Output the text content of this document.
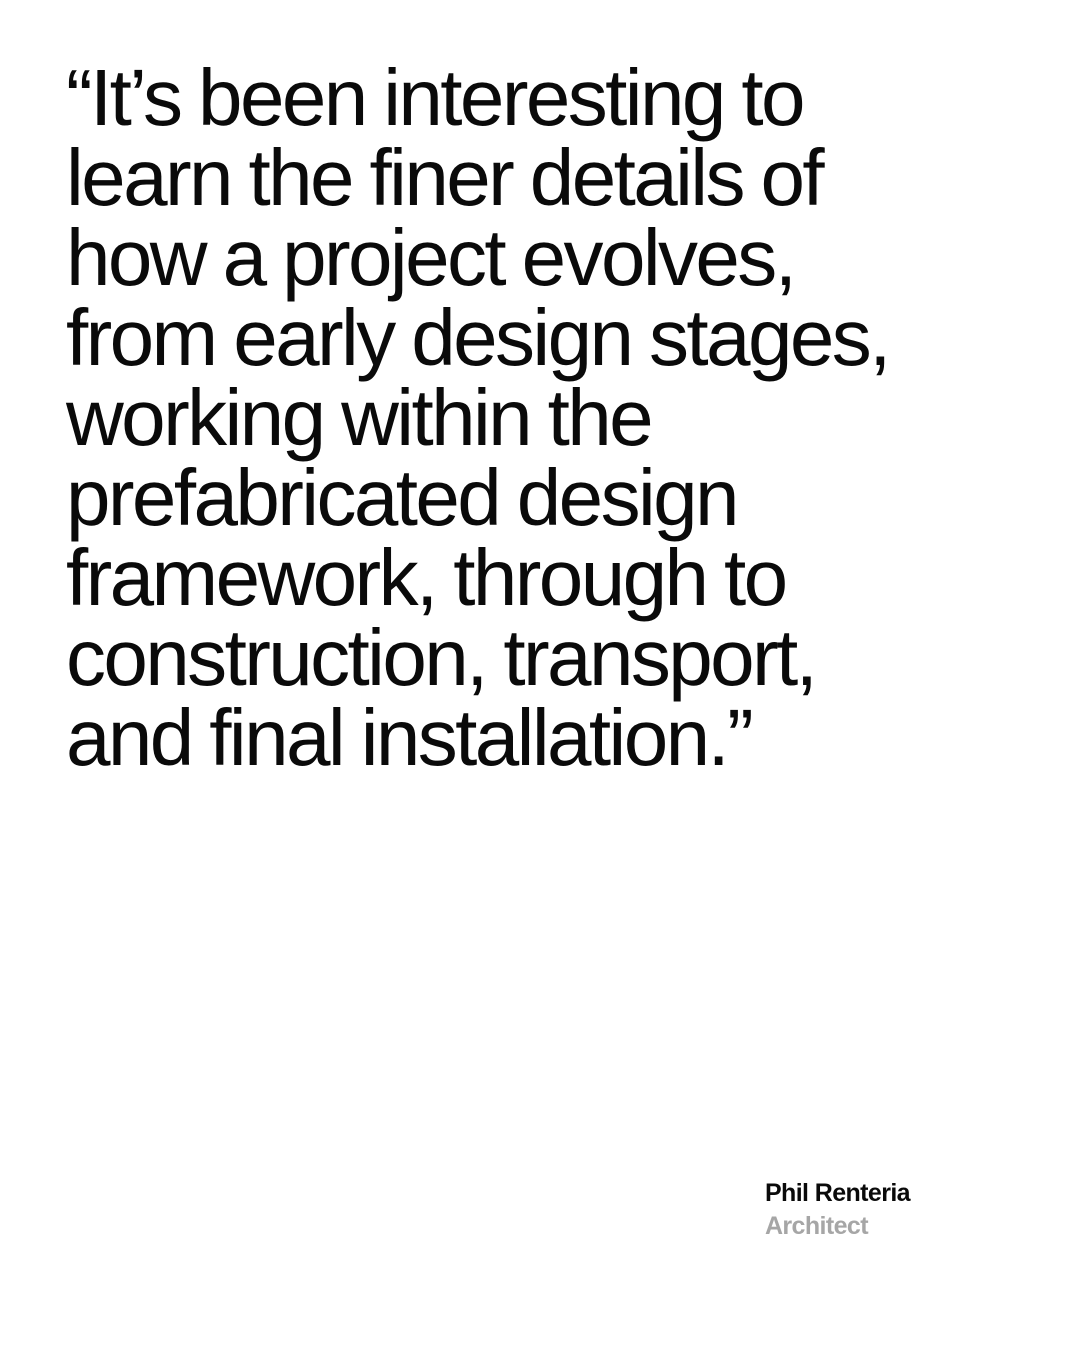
“It’s been interesting to learn the finer details of how a project evolves, from early design stages, working within the prefabricated design framework, through to construction, transport, and final installation.”

Phil Renteria
Architect
